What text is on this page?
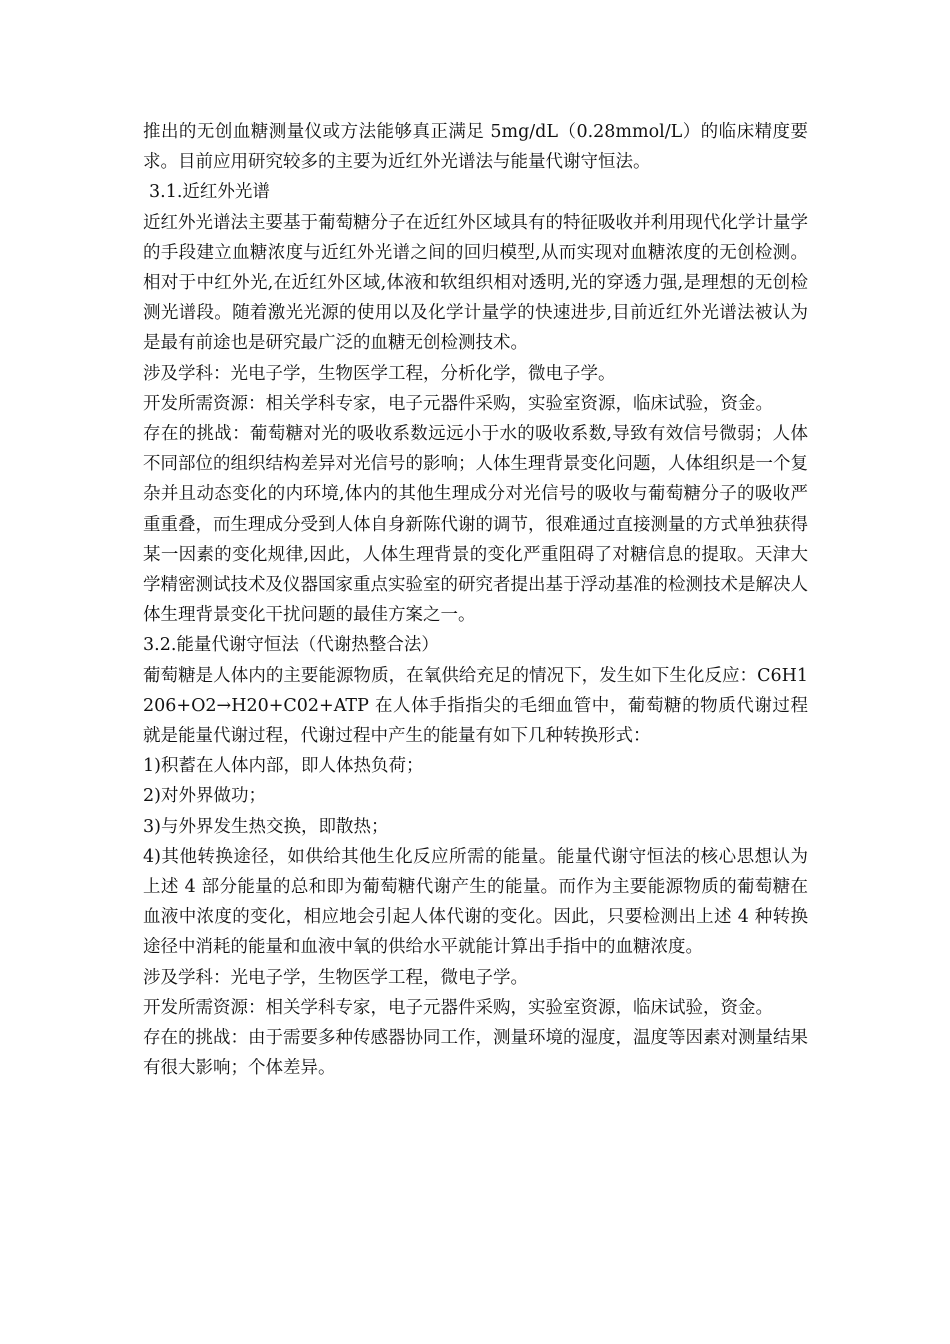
推出的无创血糖测量仪或方法能够真正满足 5mg/dL（0.28mmol/L）的临床精度要求。目前应用研究较多的主要为近红外光谱法与能量代谢守恒法。

3.1.近红外光谱

近红外光谱法主要基于葡萄糖分子在近红外区域具有的特征吸收并利用现代化学计量学的手段建立血糖浓度与近红外光谱之间的回归模型,从而实现对血糖浓度的无创检测。相对于中红外光,在近红外区域,体液和软组织相对透明,光的穿透力强,是理想的无创检测光谱段。随着激光光源的使用以及化学计量学的快速进步,目前近红外光谱法被认为是最有前途也是研究最广泛的血糖无创检测技术。

涉及学科：光电子学，生物医学工程，分析化学，微电子学。

开发所需资源：相关学科专家，电子元器件采购，实验室资源，临床试验，资金。

存在的挑战：葡萄糖对光的吸收系数远远小于水的吸收系数,导致有效信号微弱；人体不同部位的组织结构差异对光信号的影响；人体生理背景变化问题，人体组织是一个复杂并且动态变化的内环境,体内的其他生理成分对光信号的吸收与葡萄糖分子的吸收严重重叠，而生理成分受到人体自身新陈代谢的调节，很难通过直接测量的方式单独获得某一因素的变化规律,因此，人体生理背景的变化严重阻碍了对糖信息的提取。天津大学精密测试技术及仪器国家重点实验室的研究者提出基于浮动基准的检测技术是解决人体生理背景变化干扰问题的最佳方案之一。

3.2.能量代谢守恒法（代谢热整合法）

葡萄糖是人体内的主要能源物质，在氧供给充足的情况下，发生如下生化反应：C6H1206+O2→H20+C02+ATP 在人体手指指尖的毛细血管中，葡萄糖的物质代谢过程就是能量代谢过程，代谢过程中产生的能量有如下几种转换形式：

1)积蓄在人体内部，即人体热负荷；

2)对外界做功；

3)与外界发生热交换，即散热；

4)其他转换途径，如供给其他生化反应所需的能量。能量代谢守恒法的核心思想认为上述 4 部分能量的总和即为葡萄糖代谢产生的能量。而作为主要能源物质的葡萄糖在血液中浓度的变化，相应地会引起人体代谢的变化。因此，只要检测出上述 4 种转换途径中消耗的能量和血液中氧的供给水平就能计算出手指中的血糖浓度。

涉及学科：光电子学，生物医学工程，微电子学。

开发所需资源：相关学科专家，电子元器件采购，实验室资源，临床试验，资金。

存在的挑战：由于需要多种传感器协同工作，测量环境的湿度，温度等因素对测量结果有很大影响；个体差异。
